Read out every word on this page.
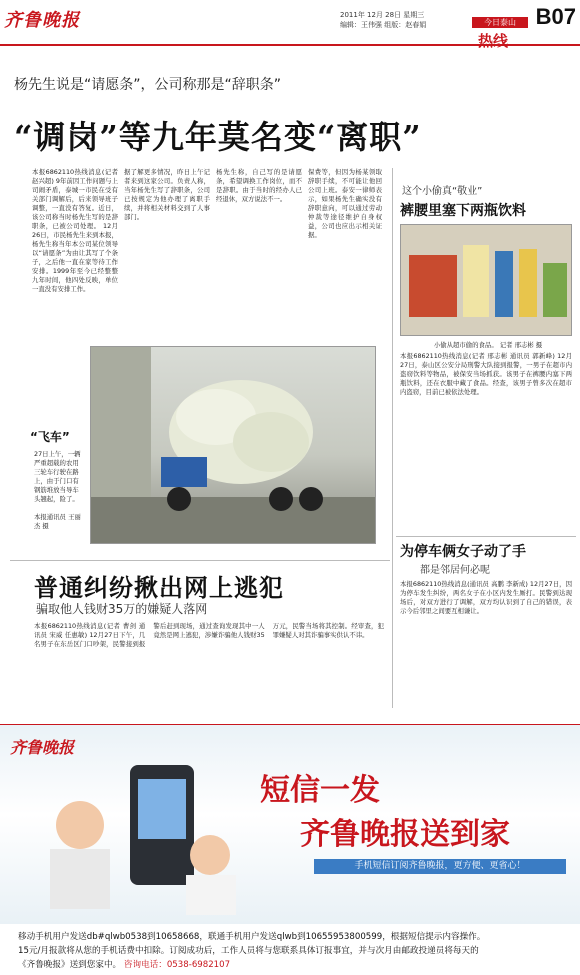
齐鲁晚报	2011年 12月 28日 星期三
编辑：王伟强 组版：赵春娟	今日泰山
热线
B07
杨先生说是“请愿条”，公司称那是“辞职条”
“调岗”等九年莫名变“离职”
本报6862110热线消息(记者 赵兴超) 9年前因工作问题与上司闹矛盾，泰城一市民在受有关部门调解后，后来领导班子调整，一直没有答复。近日，该公司称当时杨先生写的是辞职条，已被公司处理。 12月26日，市民杨先生来到本报，杨先生称当年本公司某位领导以“请愿条”为由让其写了个条子，之后他一直在家等待工作安排。1999年至今已经整整九年时间，他四处反映，单位一直没有安排工作。
据了解更多情况，昨日上午记者来到这家公司。负责人称，当年杨先生写了辞职条，公司已按规定为他办理了离职手续，并将相关材料交到了人事部门。
杨先生称，自己写的是请愿条，希望调换工作岗位，而不是辞职。由于当时的经办人已经退休，双方说法不一。
保费等，但因为杨某领取辞职手续，不可能让他回公司上班。泰安一律师表示，如果杨先生确实没有辞职意向，可以通过劳动仲裁等途径维护自身权益，公司也应出示相关证据。
“飞车”
27日上午，一辆严重超载的农用三轮车行驶在路上，由于门口有钢筋堆放当导车头翘起，险了。

本报通讯员 王丽杰 摄
这个小偷真“敬业”
裤腰里塞下两瓶饮料
小偷从超市偷的食品。 记者 邢志彬 摄
本报6862110热线消息(记者 邢志彬 通讯员 郭新峰) 12月27日，泰山区公安分局刑警大队接到报警，一男子在超市内盗窃饮料等物品，被保安当场抓获。该男子在裤腰内塞下两瓶饮料，还在衣服中藏了食品。经查，该男子曾多次在超市内盗窃，目前已被依法处理。
为停车俩女子动了手
都是邻居何必呢
本报6862110热线消息(通讯员 高鹏 李新成) 12月27日，因为停车发生纠纷，两名女子在小区内发生厮打。民警到达现场后，对双方进行了调解，双方均认识到了自己的错误，表示今后邻里之间要互相谦让。
普通纠纷揪出网上逃犯
骗取他人钱财35万的嫌疑人落网
本报6862110热线消息(记者 曹剑 通讯员 宋威 任惠敏) 12月27日下午，几名男子在东岳区门口吵架，民警接到报警后赶到现场，通过查询发现其中一人竟然是网上逃犯，涉嫌诈骗他人钱财35万元，民警当场将其控制。经审查，犯罪嫌疑人对其诈骗事实供认不讳。
齐鲁晚报
短信一发
齐鲁晚报送到家
手机短信订阅齐鲁晚报，更方便、更省心！

移动手机用户发送db#qlwb0538到10658668，联通手机用户发送qlwb到10655953800599，根据短信提示内容操作。

15元/月报款将从您的手机话费中扣除。订阅成功后，工作人员将与您联系具体订报事宜，并与次月由邮政投递员将每天的

《齐鲁晚报》送到您家中。 咨询电话：0538-6982107
